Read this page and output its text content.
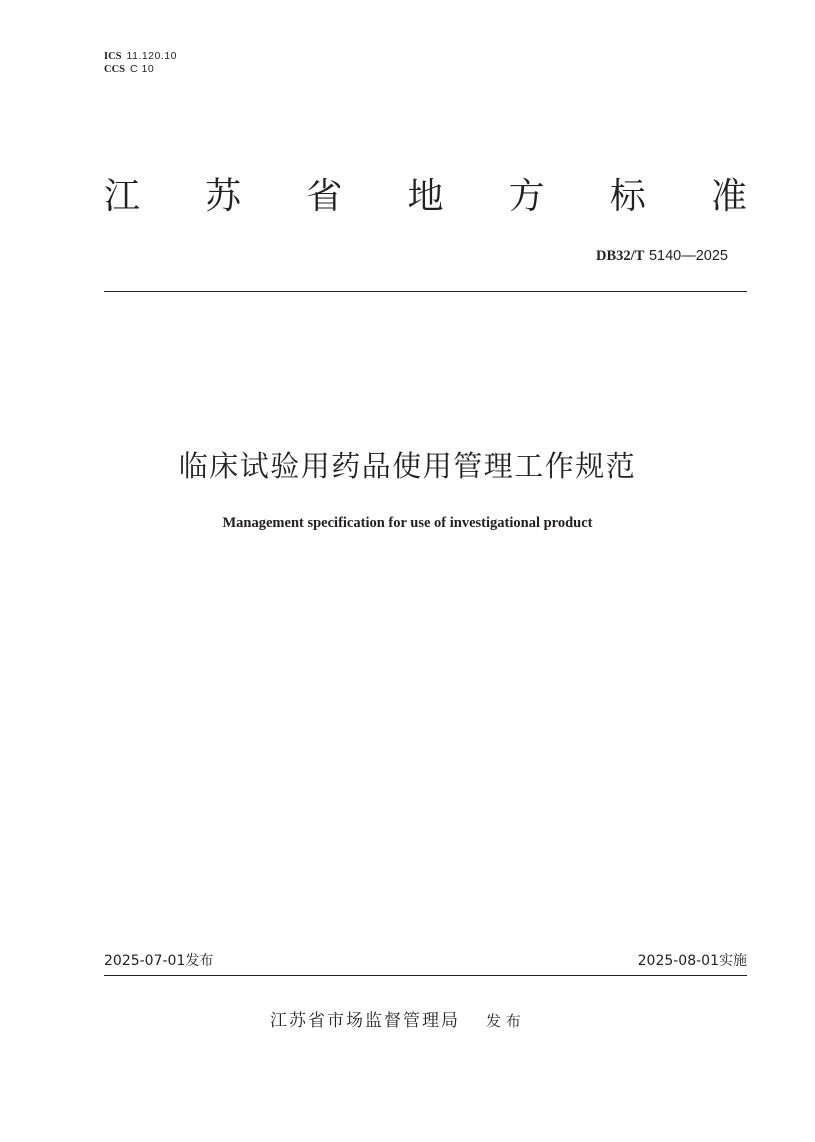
ICS 11.120.10
CCS C 10
江 苏 省 地 方 标 准
DB32/T 5140—2025
临床试验用药品使用管理工作规范
Management specification for use of investigational product
2025-07-01发布	2025-08-01实施
江苏省市场监督管理局 发 布
